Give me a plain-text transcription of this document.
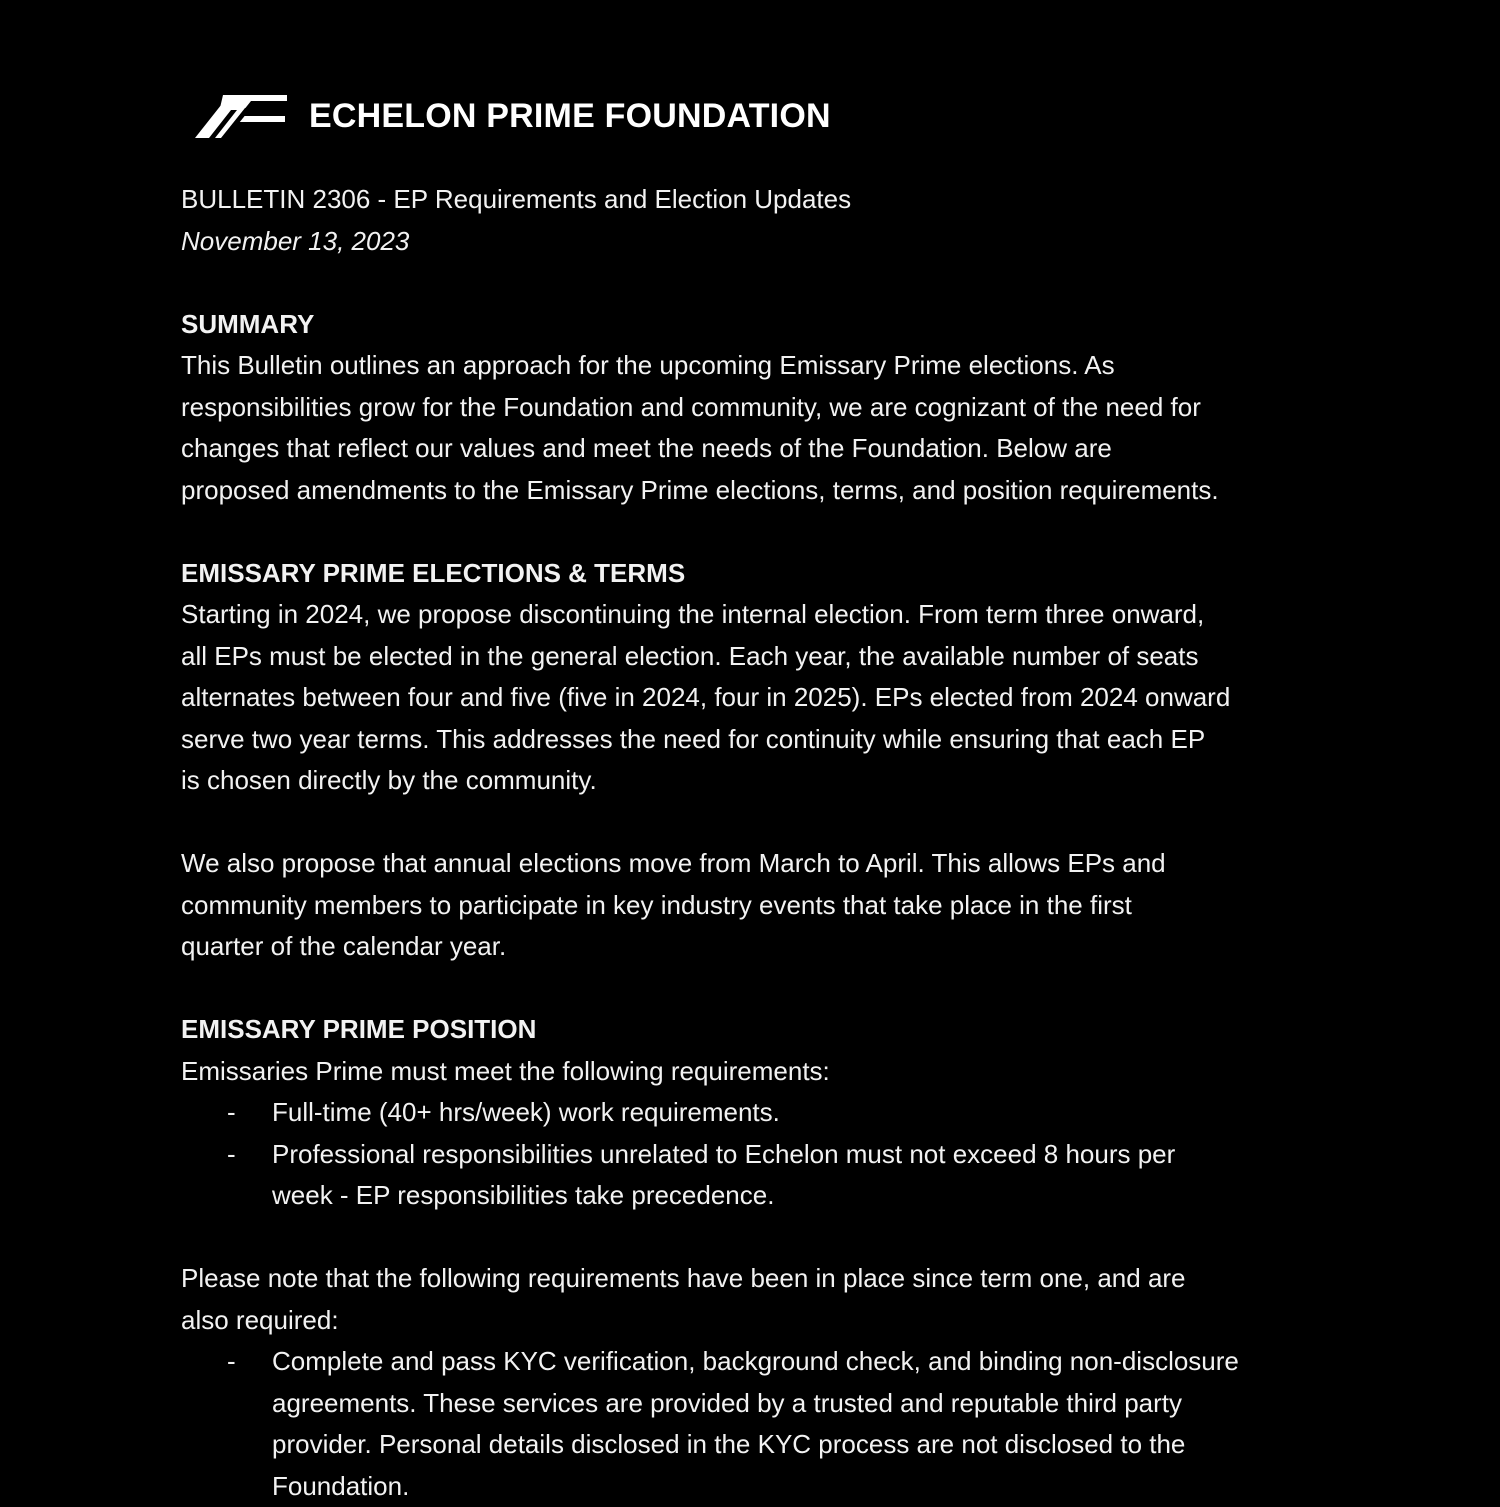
ECHELON PRIME FOUNDATION
BULLETIN 2306 - EP Requirements and Election Updates
November 13, 2023
SUMMARY

This Bulletin outlines an approach for the upcoming Emissary Prime elections. As
responsibilities grow for the Foundation and community, we are cognizant of the need for
changes that reflect our values and meet the needs of the Foundation. Below are
proposed amendments to the Emissary Prime elections, terms, and position requirements.

EMISSARY PRIME ELECTIONS & TERMS

Starting in 2024, we propose discontinuing the internal election. From term three onward,
all EPs must be elected in the general election. Each year, the available number of seats
alternates between four and five (five in 2024, four in 2025). EPs elected from 2024 onward
serve two year terms. This addresses the need for continuity while ensuring that each EP
is chosen directly by the community.

We also propose that annual elections move from March to April. This allows EPs and
community members to participate in key industry events that take place in the first
quarter of the calendar year.

EMISSARY PRIME POSITION
Emissaries Prime must meet the following requirements:
- Full-time (40+ hrs/week) work requirements.
- Professional responsibilities unrelated to Echelon must not exceed 8 hours per
week - EP responsibilities take precedence.

Please note that the following requirements have been in place since term one, and are
also required:

- Complete and pass KYC verification, background check, and binding non-disclosure
agreements. These services are provided by a trusted and reputable third party
provider. Personal details disclosed in the KYC process are not disclosed to the
Foundation.
